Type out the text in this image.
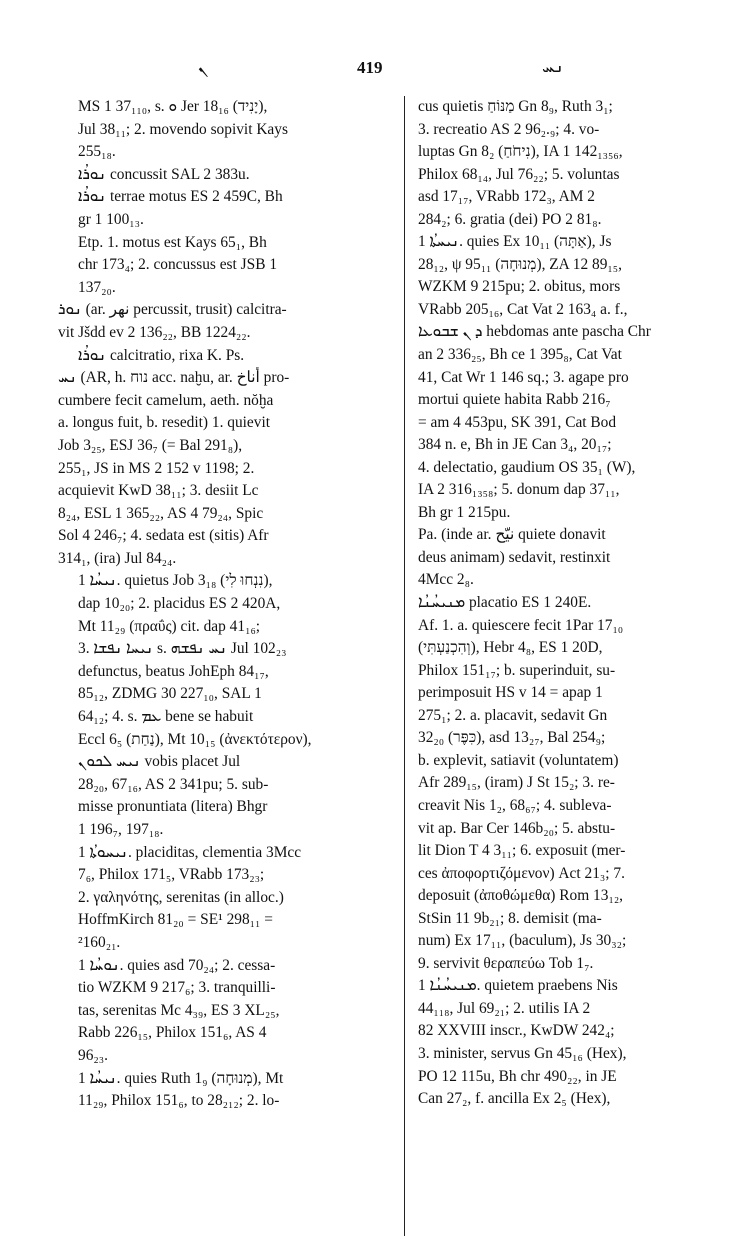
ܢ	419	ܢܚ
MS 1 37₁₁₀, s. ܘ Jer 18₁₆ (יָנִיד),
Jul 38₁₁; 2. movendo sopivit Kays
255₁₈.
ܢܘܪܳܐ concussit SAL 2 383u.
ܢܘܪܳܐ terrae motus ES 2 459C, Bh
gr 1 100₁₃.
Etp. 1. motus est Kays 65₁, Bh
chr 173₄; 2. concussus est JSB 1
137₂₀.
ܢܘܪ (ar. نهر percussit, trusit) calcitra-
vit Jšdd ev 2 136₂₂, BB 1224₂₂.
ܢܘܪܳܐ calcitratio, rixa K. Ps.
ܢܚ (AR, h. נוח acc. naḫu, ar. أناخ pro-
cumbere fecit camelum, aeth. nŏḫa
a. longus fuit, b. resedit) 1. quievit
Job 3₂₅, ESJ 36₇ (= Bal 291₈),
255₁, JS in MS 2 152 v 1198; 2.
acquievit KwD 38₁₁; 3. desiit Lc
8₂₄, ESL 1 365₂₂, AS 4 79₂₄, Spic
Sol 4 246₇; 4. sedata est (sitis) Afr
314₁, (ira) Jul 84₂₄.
ܢܝܚܳܐ 1. quietus Job 3₁₈ (נִנְחוּ לִי),
dap 10₂₀; 2. placidus ES 2 420A,
Mt 11₂₉ (πραΰς) cit. dap 41₁₆;
3. ܢܝܚܐ ܢܦܫܐ s. ܢܚ ܢܦܫܗ Jul 102₂₃
defunctus, beatus JohEph 84₁₇,
85₁₂, ZDMG 30 227₁₀, SAL 1
64₁₂; 4. s. ܥܡ bene se habuit
Eccl 6₅ (נַחַת), Mt 10₁₅ (ἀνεκτότερον),
ܢܝܚ ܠܟܘܢ vobis placet Jul
28₂₀, 67₁₆, AS 2 341pu; 5. sub-
misse pronuntiata (litera) Bhgr
1 196₇, 197₁₈.
ܢܝܚܘܬܳܐ 1. placiditas, clementia 3Mcc
7₆, Philox 171₅, VRabb 173₂₃;
2. γαληνότης, serenitas (in alloc.)
HoffmKirch 81₂₀ = SE¹ 298₁₁ =
²160₂₁.
ܢܘܚܳܐ 1. quies asd 70₂₄; 2. cessa-
tio WZKM 9 217₆; 3. tranquilli-
tas, serenitas Mc 4₃₉, ES 3 XL₂₅,
Rabb 226₁₅, Philox 151₆, AS 4
96₂₃.
ܢܝܚܳܐ 1. quies Ruth 1₉ (מְנוּחָה), Mt
11₂₉, Philox 151₆, to 28₂₁₂; 2. lo-
cus quietis מַנּוֹחַ Gn 8₉, Ruth 3₁;
3. recreatio AS 2 96₂.₉; 4. vo-
luptas Gn 8₂ (נִיחֹחַ), IA 1 142₁₃₅₆,
Philox 68₁₄, Jul 76₂₂; 5. voluntas
asd 17₁₇, VRabb 172₃, AM 2
284₂; 6. gratia (dei) PO 2 81₈.
ܢܝܚܬܳܐ 1. quies Ex 10₁₁ (אַתָּה), Js
28₁₂, ψ 95₁₁ (מְנוּחָה), ZA 12 89₁₅,
WZKM 9 215pu; 2. obitus, mors
VRabb 205₁₆, Cat Vat 2 163₄ a. f.,
ܕ ܢ ܫܒܘܥܐ hebdomas ante pascha Chr
an 2 336₂₅, Bh ce 1 395₈, Cat Vat
41, Cat Wr 1 146 sq.; 3. agape pro
mortui quiete habita Rabb 216₇
= am 4 453pu, SK 391, Cat Bod
384 n. e, Bh in JE Can 3₄, 20₁₇;
4. delectatio, gaudium OS 35₁ (W),
IA 2 316₁₃₅₈; 5. donum dap 37₁₁,
Bh gr 1 215pu.
Pa. (inde ar. نيّح quiete donavit
deus animam) sedavit, restinxit
4Mcc 2₈.
ܡܢܝܚܳܢܳܐ placatio ES 1 240E.
Af. 1. a. quiescere fecit 1Par 17₁₀
(וְהִכְנַעְתִּי), Hebr 4₈, ES 1 20D,
Philox 151₁₇; b. superinduit, su-
perimposuit HS v 14 = apap 1
275₁; 2. a. placavit, sedavit Gn
32₂₀ (כִּפֶּר), asd 13₂₇, Bal 254₉;
b. explevit, satiavit (voluntatem)
Afr 289₁₅, (iram) J St 15₂; 3. re-
creavit Nis 1₂, 68₆₇; 4. subleva-
vit ap. Bar Cer 146b₂₀; 5. abstu-
lit Dion T 4 3₁₁; 6. exposuit (mer-
ces ἀποφορτιζόμενον) Act 21₃; 7.
deposuit (ἀποθώμεθα) Rom 13₁₂,
StSin 11 9b₂₁; 8. demisit (ma-
num) Ex 17₁₁, (baculum), Js 30₃₂;
9. servivit θεραπεύω Tob 1₇.
ܡܢܝܚܳܢܳܐ 1. quietem praebens Nis
44₁₁₈, Jul 69₂₁; 2. utilis IA 2
82 XXVIII inscr., KwDW 242₄;
3. minister, servus Gn 45₁₆ (Hex),
PO 12 115u, Bh chr 490₂₂, in JE
Can 27₂, f. ancilla Ex 2₅ (Hex),
